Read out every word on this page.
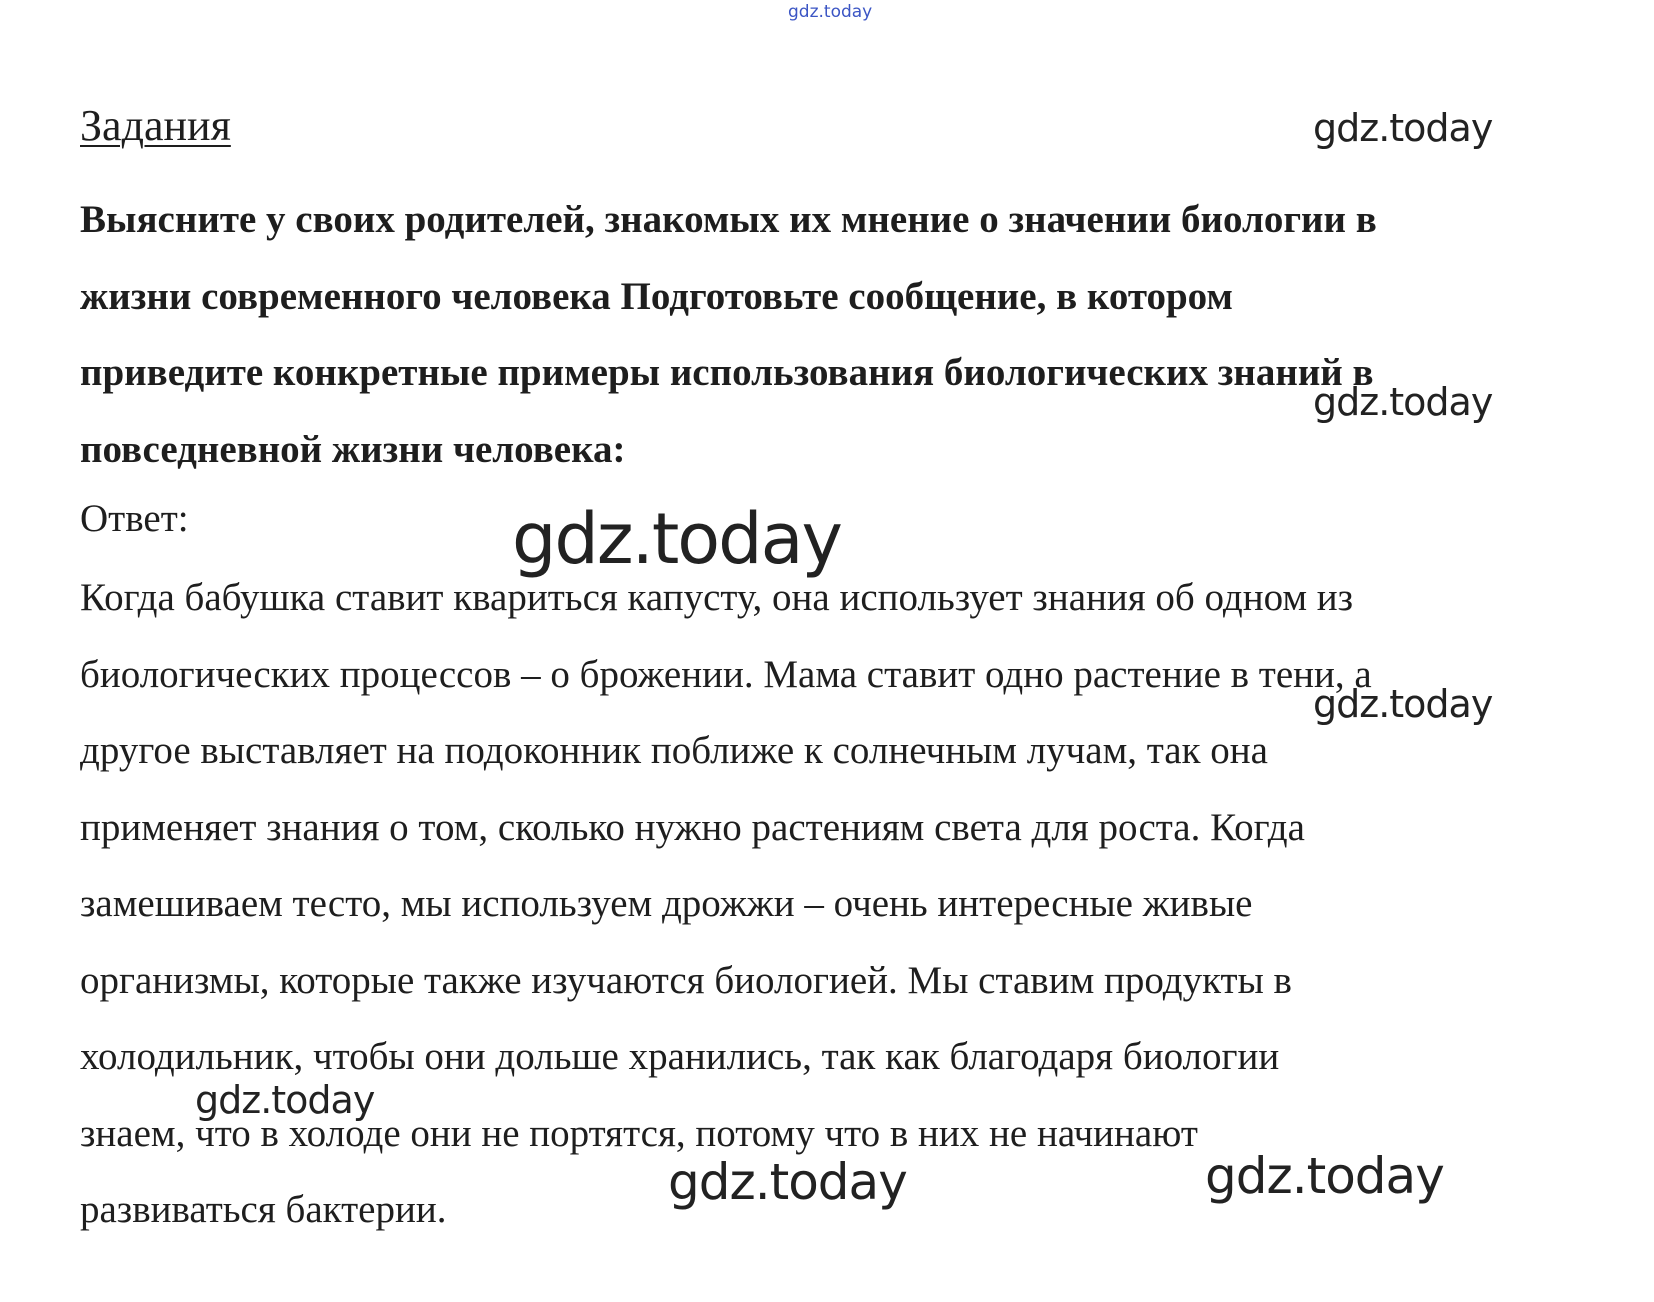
Задания
Выясните у своих родителей, знакомых их мнение о значении биологии в
жизни современного человека Подготовьте сообщение, в котором
приведите конкретные примеры использования биологических знаний в
повседневной жизни человека:
Ответ:
Когда бабушка ставит квариться капусту, она использует знания об одном из
биологических процессов – о брожении. Мама ставит одно растение в тени, а
другое выставляет на подоконник поближе к солнечным лучам, так она
применяет знания о том, сколько нужно растениям света для роста. Когда
замешиваем тесто, мы используем дрожжи – очень интересные живые
организмы, которые также изучаются биологией. Мы ставим продукты в
холодильник, чтобы они дольше хранились, так как благодаря биологии
знаем, что в холоде они не портятся, потому что в них не начинают
развиваться бактерии.
gdz.today
gdz.today
gdz.today
gdz.today
gdz.today
gdz.today
gdz.today	gdz.today
